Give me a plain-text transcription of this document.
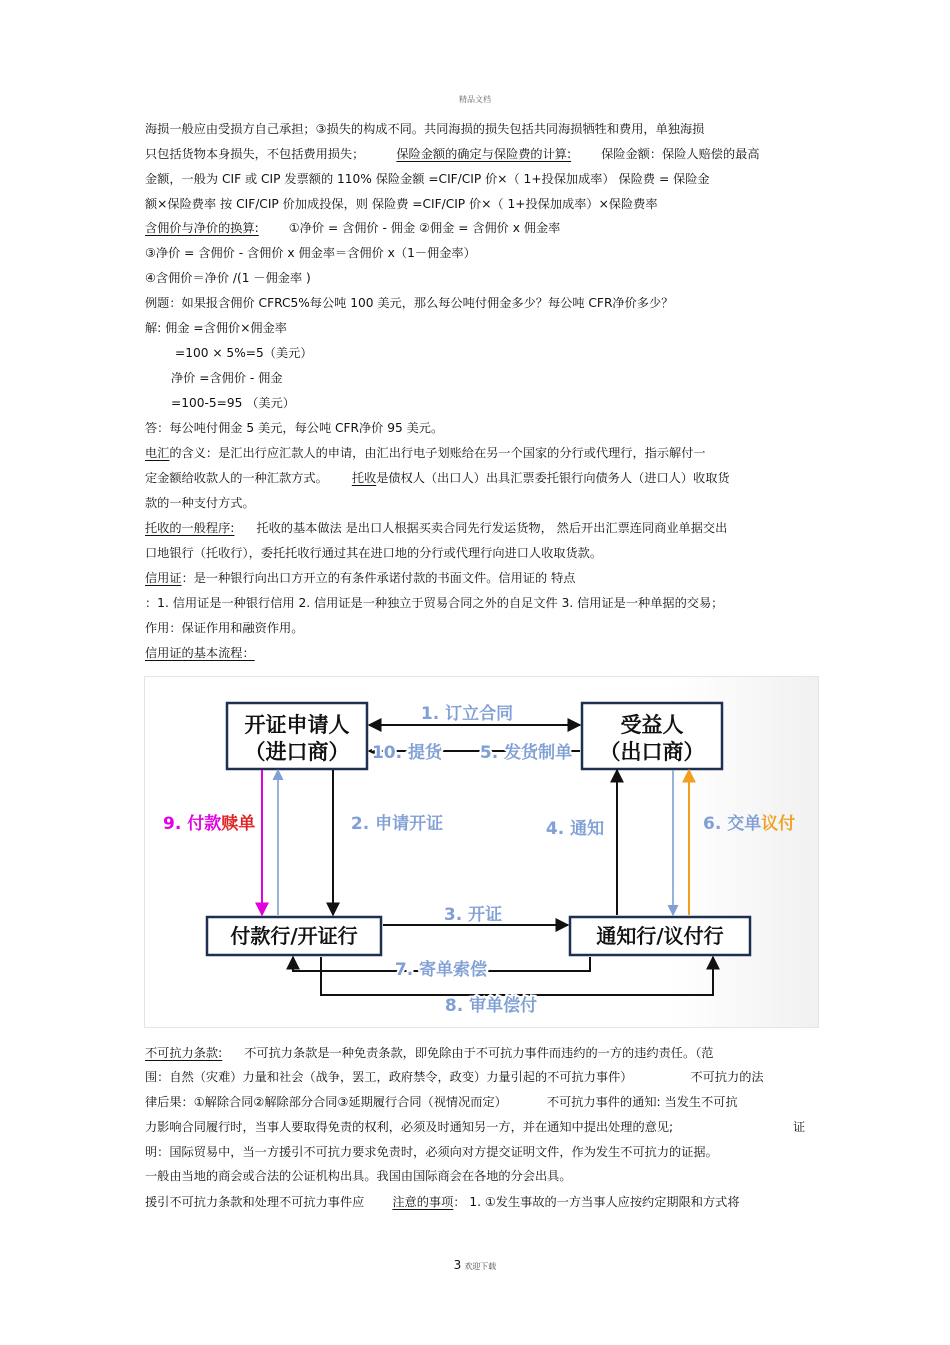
精品文档
海损一般应由受损方自己承担；③损失的构成不同。共同海损的损失包括共同海损牺牲和费用，单独海损
只包括货物本身损失，不包括费用损失；	保险金额的确定与保险费的计算: 保险金额：保险人赔偿的最高
金额，一般为 CIF 或 CIP 发票额的 110% 保险金额 =CIF/CIP 价×（ 1+投保加成率） 保险费 = 保险金
额×保险费率 按 CIF/CIP 价加成投保，则 保险费 =CIF/CIP 价×（ 1+投保加成率）×保险费率
含佣价与净价的换算: ①净价 = 含佣价 - 佣金 ②佣金 = 含佣价 x 佣金率
③净价 = 含佣价 - 含佣价 x 佣金率＝含佣价 x（1－佣金率）
④含佣价＝净价 /(1 －佣金率 )
例题：如果报含佣价 CFRC5%每公吨 100 美元，那么每公吨付佣金多少？每公吨 CFR净价多少？
解: 佣金 =含佣价×佣金率
=100 × 5%=5（美元）
净价 =含佣价 - 佣金
=100-5=95 （美元）
答：每公吨付佣金 5 美元，每公吨 CFR净价 95 美元。
电汇的含义：是汇出行应汇款人的申请，由汇出行电子划账给在另一个国家的分行或代理行，指示解付一
定金额给收款人的一种汇款方式。 托收是债权人（出口人）出具汇票委托银行向债务人（进口人）收取货
款的一种支付方式。
托收的一般程序: 托收的基本做法 是出口人根据买卖合同先行发运货物， 然后开出汇票连同商业单据交出
口地银行（托收行），委托托收行通过其在进口地的分行或代理行向进口人收取货款。
信用证：是一种银行向出口方开立的有条件承诺付款的书面文件。信用证的 特点
：1. 信用证是一种银行信用 2. 信用证是一种独立于贸易合同之外的自足文件 3. 信用证是一种单据的交易；
作用：保证作用和融资作用。
信用证的基本流程：
开证申请人
（进口商）
受益人
（出口商）
付款行/开证行	通知行/议付行
1. 订立合同
10. 提货 5. 发货制单
2. 申请开证
9. 付款赎单	4. 通知	6. 交单议付
3. 开证
7. 寄单索偿
8. 审单偿付
不可抗力条款: 不可抗力条款是一种免责条款，即免除由于不可抗力事件而违约的一方的违约责任。（范
围：自然（灾难）力量和社会（战争，罢工，政府禁令，政变）力量引起的不可抗力事件）	不可抗力的法
律后果：①解除合同②解除部分合同③延期履行合同（视情况而定）	不可抗力事件的通知: 当发生不可抗
力影响合同履行时，当事人要取得免责的权利，必须及时通知另一方，并在通知中提出处理的意见;	证
明：国际贸易中，当一方援引不可抗力要求免责时，必须向对方提交证明文件，作为发生不可抗力的证据。
一般由当地的商会或合法的公证机构出具。我国由国际商会在各地的分会出具。
援引不可抗力条款和处理不可抗力事件应 注意的事项： 1. ①发生事故的一方当事人应按约定期限和方式将
3 欢迎下载
